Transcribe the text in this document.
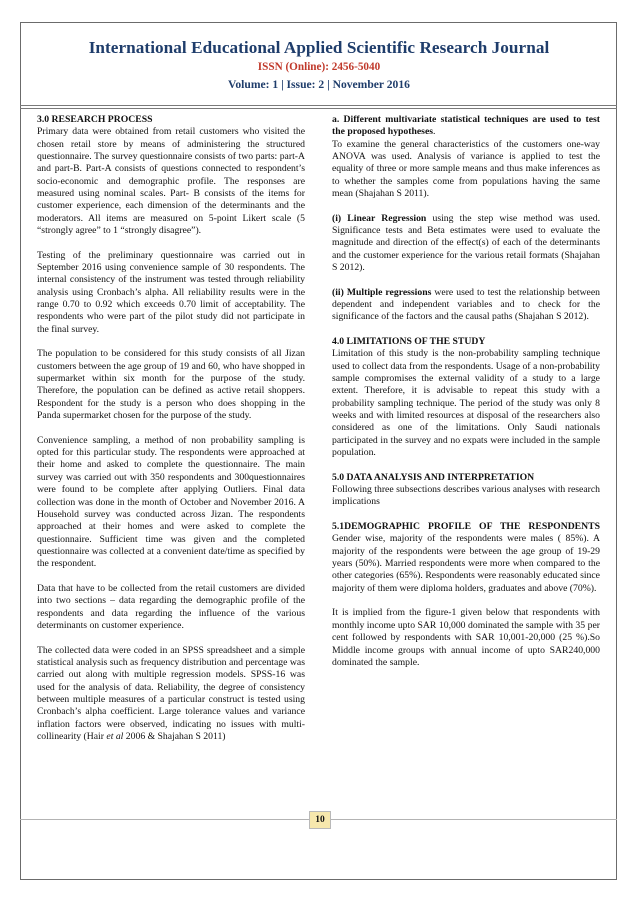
International Educational Applied Scientific Research Journal
ISSN (Online): 2456-5040
Volume: 1 | Issue: 2 | November 2016
3.0 RESEARCH PROCESS

Primary data were obtained from retail customers who visited the chosen retail store by means of administering the structured questionnaire. The survey questionnaire consists of two parts: part-A and part-B. Part-A consists of questions connected to respondent’s socio-economic and demographic profile. The responses are measured using nominal scales. Part- B consists of the items for customer experience, each dimension of the determinants and the moderators. All items are measured on 5-point Likert scale (5 “strongly agree” to 1 “strongly disagree”).

Testing of the preliminary questionnaire was carried out in September 2016 using convenience sample of 30 respondents. The internal consistency of the instrument was tested through reliability analysis using Cronbach’s alpha. All reliability results were in the range 0.70 to 0.92 which exceeds 0.70 limit of acceptability. The respondents who were part of the pilot study did not participate in the final survey.

The population to be considered for this study consists of all Jizan customers between the age group of 19 and 60, who have shopped in supermarket within six month for the purpose of the study. Therefore, the population can be defined as active retail shoppers. Respondent for the study is a person who does shopping in the Panda supermarket chosen for the purpose of the study.

Convenience sampling, a method of non probability sampling is opted for this particular study. The respondents were approached at their home and asked to complete the questionnaire. The main survey was carried out with 350 respondents and 300questionnaires were found to be complete after applying Outliers. Final data collection was done in the month of October and November 2016. A Household survey was conducted across Jizan. The respondents approached at their homes and were asked to complete the questionnaire. Sufficient time was given and the completed questionnaire was collected at a convenient date/time as specified by the respondent.

Data that have to be collected from the retail customers are divided into two sections – data regarding the demographic profile of the respondents and data regarding the influence of the various determinants on customer experience.

The collected data were coded in an SPSS spreadsheet and a simple statistical analysis such as frequency distribution and percentage was carried out along with multiple regression models. SPSS-16 was used for the analysis of data. Reliability, the degree of consistency between multiple measures of a particular construct is tested using Cronbach’s alpha coefficient. Large tolerance values and variance inflation factors were observed, indicating no issues with multi-collinearity (Hair et al 2006 & Shajahan S 2011)

a. Different multivariate statistical techniques are used to test the proposed hypotheses.

To examine the general characteristics of the customers one-way ANOVA was used. Analysis of variance is applied to test the equality of three or more sample means and thus make inferences as to whether the samples come from populations having the same mean (Shajahan S 2011).

(i) Linear Regression using the step wise method was used. Significance tests and Beta estimates were used to evaluate the magnitude and direction of the effect(s) of each of the determinants and the customer experience for the various retail formats (Shajahan S 2012).

(ii) Multiple regressions were used to test the relationship between dependent and independent variables and to check for the significance of the factors and the causal paths (Shajahan S 2012).

4.0 LIMITATIONS OF THE STUDY

Limitation of this study is the non-probability sampling technique used to collect data from the respondents. Usage of a non-probability sample compromises the external validity of a study to a large extent. Therefore, it is advisable to repeat this study with a probability sampling technique. The period of the study was only 8 weeks and with limited resources at disposal of the researchers also considered as one of the limitations. Only Saudi nationals participated in the survey and no expats were included in the sample population.

5.0 DATA ANALYSIS AND INTERPRETATION

Following three subsections describes various analyses with research implications

5.1DEMOGRAPHIC PROFILE OF THE RESPONDENTS

Gender wise, majority of the respondents were males ( 85%). A majority of the respondents were between the age group of 19-29 years (50%). Married respondents were more when compared to the other categories (65%). Respondents were reasonably educated since majority of them were diploma holders, graduates and above (70%).

It is implied from the figure-1 given below that respondents with monthly income upto SAR 10,000 dominated the sample with 35 per cent followed by respondents with SAR 10,001-20,000 (25 %).So Middle income groups with annual income of upto SAR240,000 dominated the sample.

10
